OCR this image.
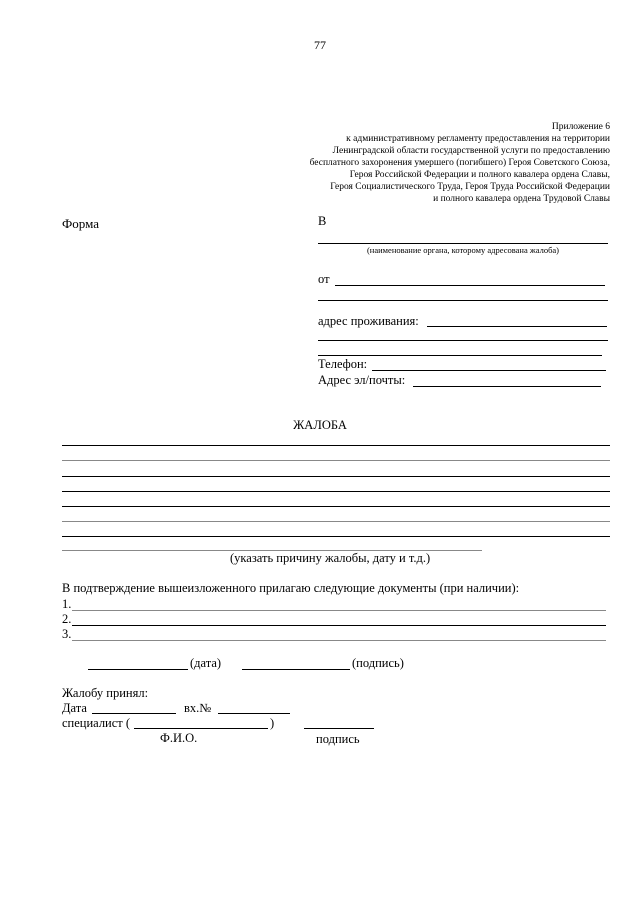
77
Приложение 6
к административному регламенту предоставления на территории
Ленинградской области государственной услуги по предоставлению
бесплатного захоронения умершего (погибшего) Героя Советского Союза,
Героя Российской Федерации и полного кавалера ордена Славы,
Героя Социалистического Труда, Героя Труда Российской Федерации
и полного кавалера ордена Трудовой Славы
Форма	В
(наименование органа, которому адресована жалоба)
от
адрес проживания:
Телефон:
Адрес эл/почты:
ЖАЛОБА
(указать причину жалобы, дату и т.д.)
В подтверждение вышеизложенного прилагаю следующие документы (при наличии):
1.
2.
3.
(дата)	(подпись)
Жалобу принял:
Дата	вх.№
специалист (	)
Ф.И.О.	подпись
